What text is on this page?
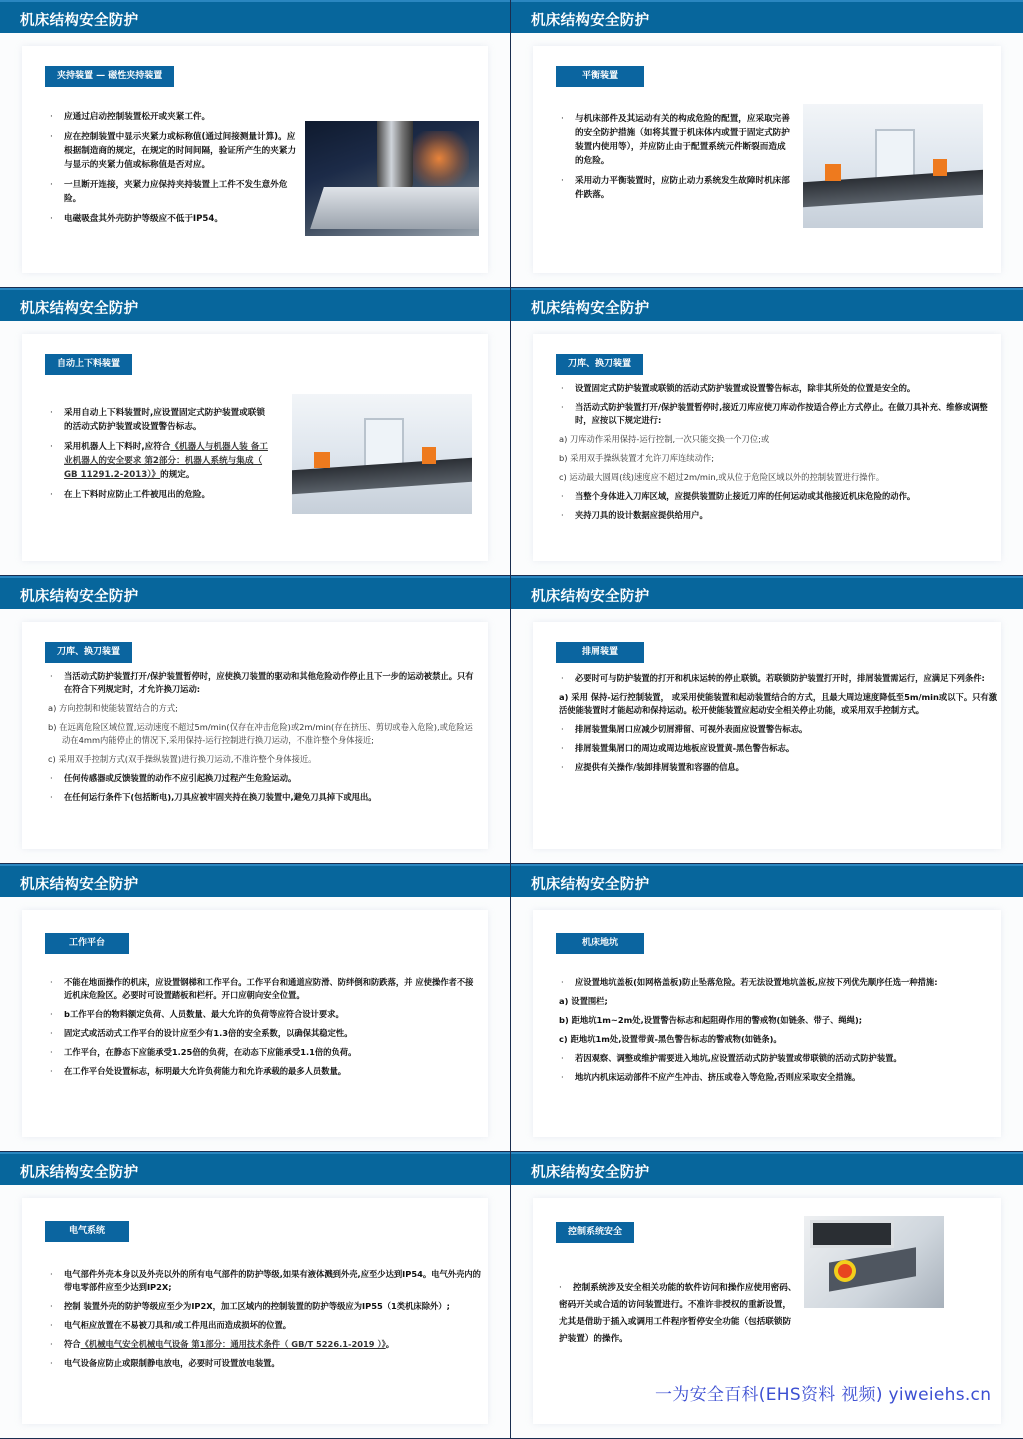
机床结构安全防护
夹持装置 — 磁性夹持装置

· 应通过启动控制装置松开或夹紧工件。

· 应在控制装置中显示夹紧力或标称值(通过间接测量计算)。应根据制造商的规定，在规定的时间间隔，验证所产生的夹紧力与显示的夹紧力值或标称值是否对应。

· 一旦断开连接，夹紧力应保持夹持装置上工件不发生意外危险。

· 电磁吸盘其外壳防护等级应不低于IP54。

机床结构安全防护
平衡装置

· 与机床部件及其运动有关的构成危险的配置，应采取完善的安全防护措施（如将其置于机床体内或置于固定式防护装置内使用等），并应防止由于配置系统元件断裂而造成的危险。

· 采用动力平衡装置时，应防止动力系统发生故障时机床部件跌落。

机床结构安全防护
自动上下料装置

· 采用自动上下料装置时,应设置固定式防护装置或联锁的活动式防护装置或设置警告标志。

· 采用机器人上下料时,应符合《机器人与机器人装 备工业机器人的安全要求 第2部分：机器人系统与集成（ GB 11291.2-2013）》的规定。

· 在上下料时应防止工件被甩出的危险。

机床结构安全防护
刀库、换刀装置

· 设置固定式防护装置或联锁的活动式防护装置或设置警告标志，除非其所处的位置是安全的。

· 当活动式防护装置打开/保护装置暂停时,接近刀库应使刀库动作按适合停止方式停止。在做刀具补充、维修或调整时，应按以下规定进行:

a) 刀库动作采用保持-运行控制,一次只能交换一个刀位;或

b) 采用双手操纵装置才允许刀库连续动作;

c) 运动最大圆周(线)速度应不超过2m/min,或从位于危险区域以外的控制装置进行操作。

· 当整个身体进入刀库区域，应提供装置防止接近刀库的任何运动或其他接近机床危险的动作。

· 夹持刀具的设计数据应提供给用户。

机床结构安全防护
刀库、换刀装置

· 当活动式防护装置打开/保护装置暂停时，应使换刀装置的驱动和其他危险动作停止且下一步的运动被禁止。只有在符合下列规定时，才允许换刀运动:

a) 方向控制和使能装置结合的方式;

b) 在远离危险区域位置,运动速度不超过5m/min(仅存在冲击危险)或2m/min(存在挤压、剪切或卷入危险),或危险运动在4mm内能停止的情况下,采用保持-运行控制进行换刀运动，不准许整个身体接近;

c) 采用双手控制方式(双手操纵装置)进行换刀运动,不准许整个身体接近。

· 任何传感器或反馈装置的动作不应引起换刀过程产生危险运动。

· 在任何运行条件下(包括断电),刀具应被牢固夹持在换刀装置中,避免刀具掉下或甩出。

机床结构安全防护
排屑装置

· 必要时可与防护装置的打开和机床运转的停止联锁。若联锁防护装置打开时，排屑装置需运行，应满足下列条件:

a) 采用 保持-运行控制装置， 或采用使能装置和起动装置结合的方式，且最大周边速度降低至5m/min或以下。只有激活使能装置时才能起动和保持运动。松开使能装置应起动安全相关停止功能，或采用双手控制方式。

· 排屑装置集屑口应减少切屑滞留、可视外表面应设置警告标志。

· 排屑装置集屑口的周边或周边地板应设置黄-黑色警告标志。

· 应提供有关操作/装卸排屑装置和容器的信息。

机床结构安全防护
工作平台

· 不能在地面操作的机床，应设置钢梯和工作平台。工作平台和通道应防滑、防绊倒和防跌落，并 应使操作者不接近机床危险区。必要时可设置踏板和栏杆。开口应朝向安全位置。

· b工作平台的物料额定负荷、人员数量、最大允许的负荷等应符合设计要求。

· 固定式或活动式工作平台的设计应至少有1.3倍的安全系数，以确保其稳定性。

· 工作平台，在静态下应能承受1.25倍的负荷，在动态下应能承受1.1倍的负荷。

· 在工作平台处设置标志，标明最大允许负荷能力和允许承载的最多人员数量。

机床结构安全防护
机床地坑

· 应设置地坑盖板(如网格盖板)防止坠落危险。若无法设置地坑盖板,应按下列优先顺序任选一种措施:

a) 设置围栏;

b) 距地坑1m~2m处,设置警告标志和起阻碍作用的警戒物(如链条、带子、绳绳);

c) 距地坑1m处,设置带黄-黑色警告标志的警戒物(如链条)。

· 若因观察、调整或维护需要进入地坑,应设置活动式防护装置或带联锁的活动式防护装置。

· 地坑内机床运动部件不应产生冲击、挤压或卷入等危险,否则应采取安全措施。

机床结构安全防护
电气系统

· 电气部件外壳本身以及外壳以外的所有电气部件的防护等级,如果有液体溅到外壳,应至少达到IP54。电气外壳内的带电零部件应至少达到IP2X;

· 控制 装置外壳的防护等级应至少为IP2X，加工区域内的控制装置的防护等级应为IP55（1类机床除外）;

· 电气柜应放置在不易被刀具和/或工件甩出而造成损坏的位置。

· 符合《机械电气安全机械电气设备 第1部分：通用技术条件（ GB/T 5226.1-2019 ）》。

· 电气设备应防止或限制静电放电，必要时可设置放电装置。

机床结构安全防护
控制系统安全

· 控制系统涉及安全相关功能的软件访问和操作应使用密码、密码开关或合适的访问装置进行。不准许非授权的重新设置，尤其是借助于插入或调用工件程序暂停安全功能（包括联锁防护装置）的操作。

一为安全百科(EHS资料 视频) yiweiehs.cn
